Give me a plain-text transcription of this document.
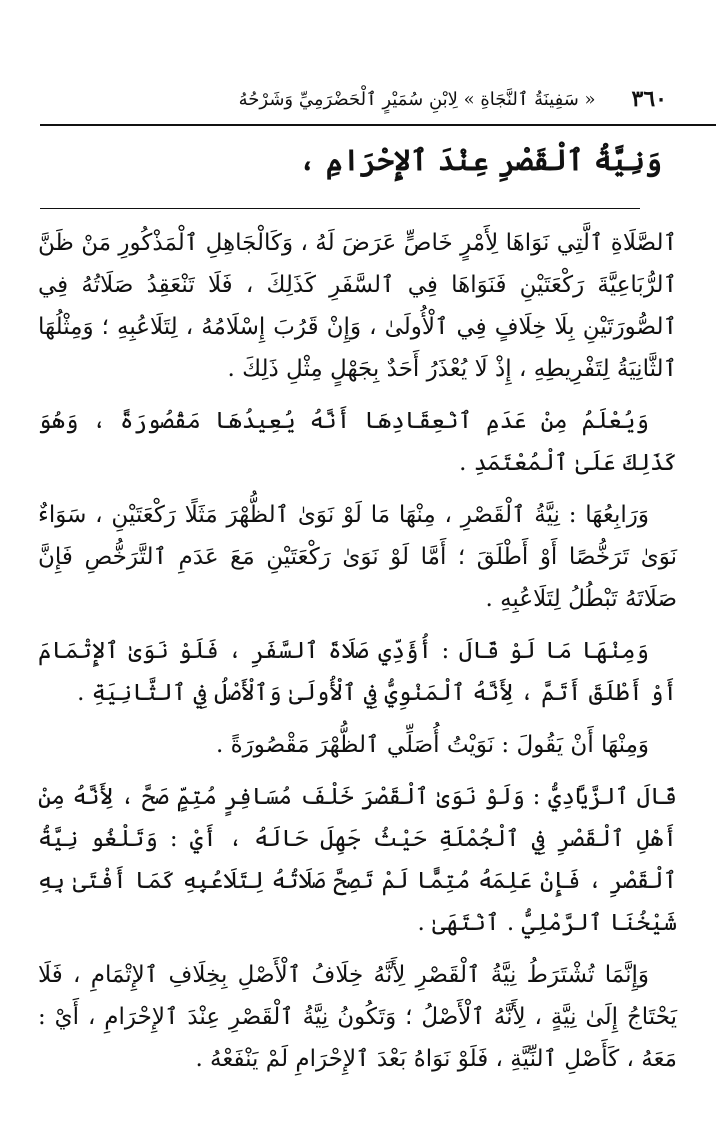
٣٦٠
« سَفِينَةُ ٱلنَّجَاةِ » لِابْنِ سُمَيْرٍ ٱلْحَضْرَمِيِّ وَشَرْحُهُ
وَنِيَّةُ ٱلْقَصْرِ عِنْدَ ٱلإِحْرَامِ ،

ٱلصَّلَاةِ ٱلَّتِي نَوَاهَا لِأَمْرٍ خَاصٍّ عَرَضَ لَهُ ، وَكَالْجَاهِلِ ٱلْمَذْكُورِ مَنْ ظَنَّ ٱلرُّبَاعِيَّةَ رَكْعَتَيْنِ فَنَوَاهَا فِي ٱلسَّفَرِ كَذَلِكَ ، فَلَا تَنْعَقِدُ صَلَاتُهُ فِي ٱلصُّورَتَيْنِ بِلَا خِلَافٍ فِي ٱلْأُولَىٰ ، وَإِنْ قَرُبَ إِسْلَامُهُ ، لِتَلَاعُبِهِ ؛ وَمِثْلُهَا ٱلثَّانِيَةُ لِتَفْرِيطِهِ ، إِذْ لَا يُعْذَرُ أَحَدٌ بِجَهْلٍ مِثْلِ ذَلِكَ .

وَيُعْلَمُ مِنْ عَدَمِ ٱنْعِقَادِهَا أَنَّهُ يُعِيدُهَا مَقْصُورَةً ، وَهُوَ كَذَلِكَ عَلَىٰ ٱلْمُعْتَمَدِ .

وَرَابِعُهَا : نِيَّةُ ٱلْقَصْرِ ، مِنْهَا مَا لَوْ نَوَىٰ ٱلظُّهْرَ مَثَلًا رَكْعَتَيْنِ ، سَوَاءٌ نَوَىٰ تَرَخُّصًا أَوْ أَطْلَقَ ؛ أَمَّا لَوْ نَوَىٰ رَكْعَتَيْنِ مَعَ عَدَمِ ٱلتَّرَخُّصِ فَإِنَّ صَلَاتَهُ تَبْطُلُ لِتَلَاعُبِهِ .

وَمِنْهَا مَا لَوْ قَالَ : أُؤَدِّي صَلَاةَ ٱلسَّفَرِ ، فَلَوْ نَوَىٰ ٱلإِتْمَامَ أَوْ أَطْلَقَ أَتَمَّ ، لِأَنَّهُ ٱلْمَنْوِيُّ فِي ٱلْأُولَىٰ وَٱلْأَصْلُ فِي ٱلثَّانِيَةِ .

وَمِنْهَا أَنْ يَقُولَ : نَوَيْتُ أُصَلِّي ٱلظُّهْرَ مَقْصُورَةً .

قَالَ ٱلزَّيَّادِيُّ : وَلَوْ نَوَىٰ ٱلْقَصْرَ خَلْفَ مُسَافِرٍ مُتِمٍّ صَحَّ ، لِأَنَّهُ مِنْ أَهْلِ ٱلْقَصْرِ فِي ٱلْجُمْلَةِ حَيْثُ جَهِلَ حَالَهُ ، أَيْ : وَتَلْغُو نِيَّةُ ٱلْقَصْرِ ، فَإِنْ عَلِمَهُ مُتِمًّا لَمْ تَصِحَّ صَلَاتُهُ لِتَلَاعُبِهِ كَمَا أَفْتَىٰ بِهِ شَيْخُنَا ٱلرَّمْلِيُّ . ٱنْتَهَىٰ .

وَإِنَّمَا تُشْتَرَطُ نِيَّةُ ٱلْقَصْرِ لِأَنَّهُ خِلَافُ ٱلْأَصْلِ بِخِلَافِ ٱلإِتْمَامِ ، فَلَا يَحْتَاجُ إِلَىٰ نِيَّةٍ ، لِأَنَّهُ ٱلْأَصْلُ ؛ وَتَكُونُ نِيَّةُ ٱلْقَصْرِ عِنْدَ ٱلإِحْرَامِ ، أَيْ : مَعَهُ ، كَأَصْلِ ٱلنِّيَّةِ ، فَلَوْ نَوَاهُ بَعْدَ ٱلإِحْرَامِ لَمْ يَنْفَعْهُ .
